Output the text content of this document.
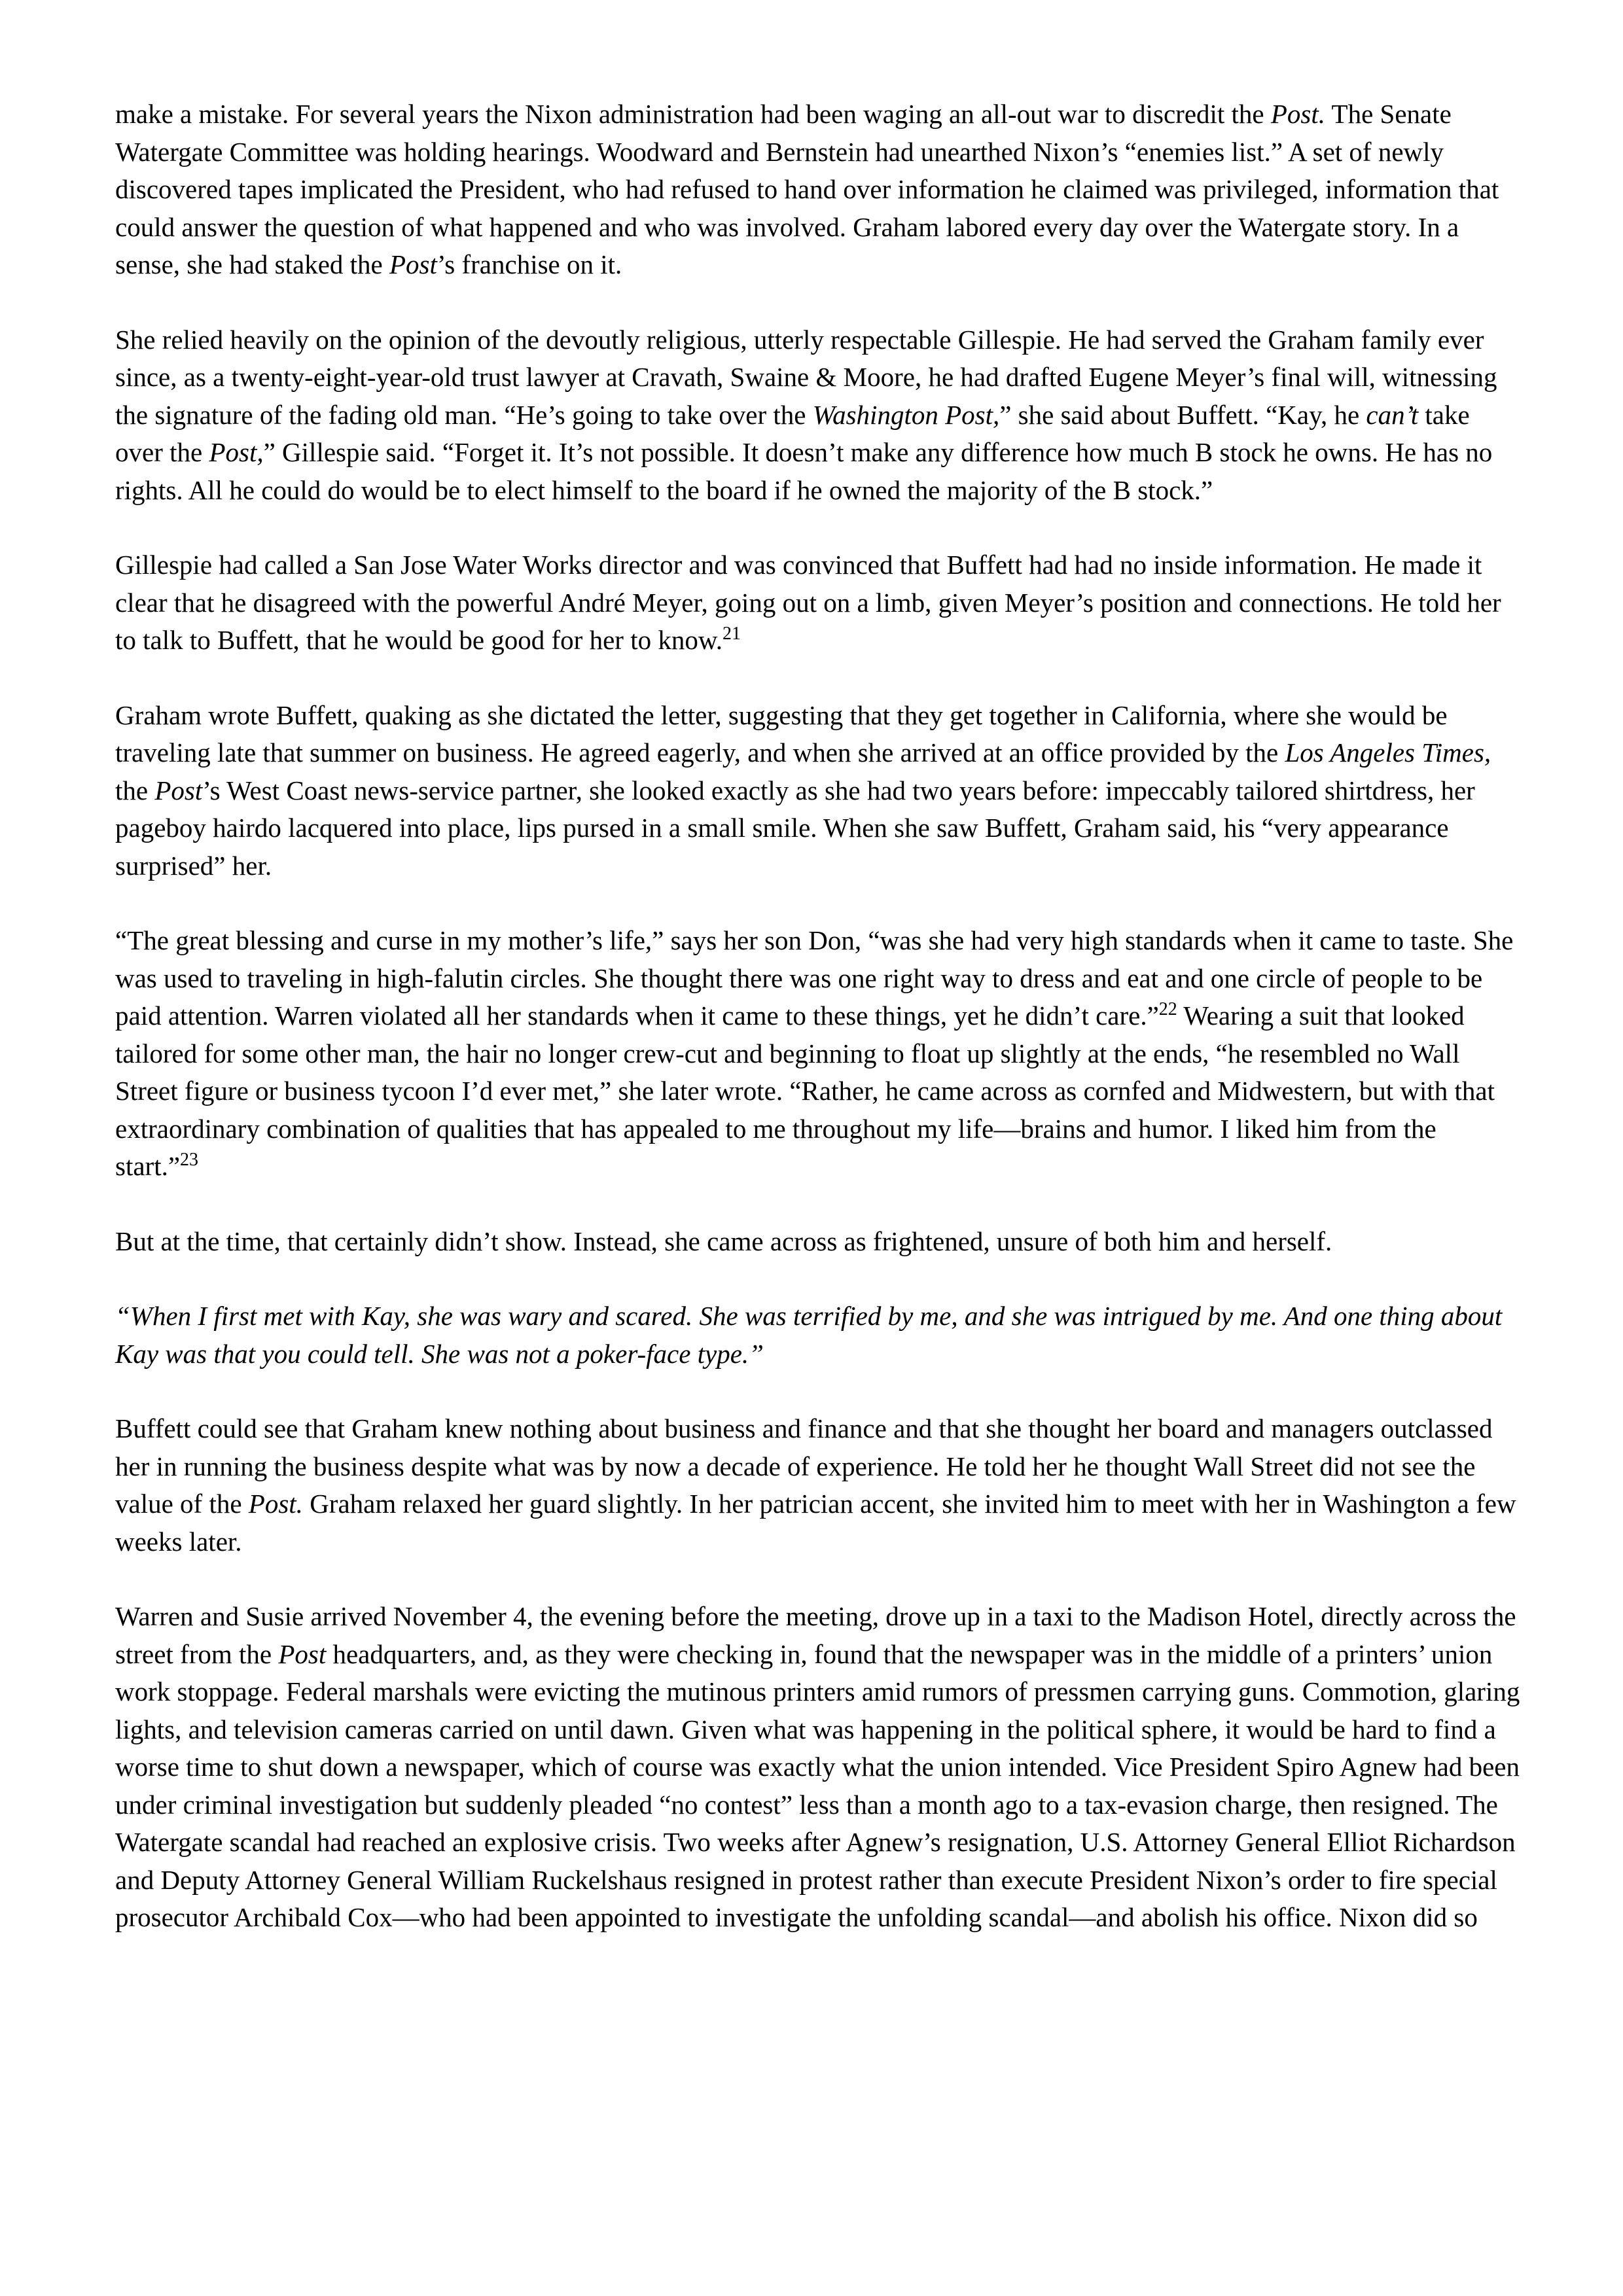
make a mistake. For several years the Nixon administration had been waging an all-out war to discredit the Post. The Senate Watergate Committee was holding hearings. Woodward and Bernstein had unearthed Nixon’s “enemies list.” A set of newly discovered tapes implicated the President, who had refused to hand over information he claimed was privileged, information that could answer the question of what happened and who was involved. Graham labored every day over the Watergate story. In a sense, she had staked the Post’s franchise on it.

She relied heavily on the opinion of the devoutly religious, utterly respectable Gillespie. He had served the Graham family ever since, as a twenty-eight-year-old trust lawyer at Cravath, Swaine & Moore, he had drafted Eugene Meyer’s final will, witnessing the signature of the fading old man. “He’s going to take over the Washington Post,” she said about Buffett. “Kay, he can’t take over the Post,” Gillespie said. “Forget it. It’s not possible. It doesn’t make any difference how much B stock he owns. He has no rights. All he could do would be to elect himself to the board if he owned the majority of the B stock.”

Gillespie had called a San Jose Water Works director and was convinced that Buffett had had no inside information. He made it clear that he disagreed with the powerful André Meyer, going out on a limb, given Meyer’s position and connections. He told her to talk to Buffett, that he would be good for her to know.$^{21}$

Graham wrote Buffett, quaking as she dictated the letter, suggesting that they get together in California, where she would be traveling late that summer on business. He agreed eagerly, and when she arrived at an office provided by the Los Angeles Times, the Post’s West Coast news-service partner, she looked exactly as she had two years before: impeccably tailored shirtdress, her pageboy hairdo lacquered into place, lips pursed in a small smile. When she saw Buffett, Graham said, his “very appearance surprised” her.

“The great blessing and curse in my mother’s life,” says her son Don, “was she had very high standards when it came to taste. She was used to traveling in high-falutin circles. She thought there was one right way to dress and eat and one circle of people to be paid attention. Warren violated all her standards when it came to these things, yet he didn’t care.”$^{22}$ Wearing a suit that looked tailored for some other man, the hair no longer crew-cut and beginning to float up slightly at the ends, “he resembled no Wall Street figure or business tycoon I’d ever met,” she later wrote. “Rather, he came across as cornfed and Midwestern, but with that extraordinary combination of qualities that has appealed to me throughout my life—brains and humor. I liked him from the start.”$^{23}$

But at the time, that certainly didn’t show. Instead, she came across as frightened, unsure of both him and herself.

“When I first met with Kay, she was wary and scared. She was terrified by me, and she was intrigued by me. And one thing about Kay was that you could tell. She was not a poker-face type.”

Buffett could see that Graham knew nothing about business and finance and that she thought her board and managers outclassed her in running the business despite what was by now a decade of experience. He told her he thought Wall Street did not see the value of the Post. Graham relaxed her guard slightly. In her patrician accent, she invited him to meet with her in Washington a few weeks later.

Warren and Susie arrived November 4, the evening before the meeting, drove up in a taxi to the Madison Hotel, directly across the street from the Post headquarters, and, as they were checking in, found that the newspaper was in the middle of a printers’ union work stoppage. Federal marshals were evicting the mutinous printers amid rumors of pressmen carrying guns. Commotion, glaring lights, and television cameras carried on until dawn. Given what was happening in the political sphere, it would be hard to find a worse time to shut down a newspaper, which of course was exactly what the union intended. Vice President Spiro Agnew had been under criminal investigation but suddenly pleaded “no contest” less than a month ago to a tax-evasion charge, then resigned. The Watergate scandal had reached an explosive crisis. Two weeks after Agnew’s resignation, U.S. Attorney General Elliot Richardson and Deputy Attorney General William Ruckelshaus resigned in protest rather than execute President Nixon’s order to fire special prosecutor Archibald Cox—who had been appointed to investigate the unfolding scandal—and abolish his office. Nixon did so
